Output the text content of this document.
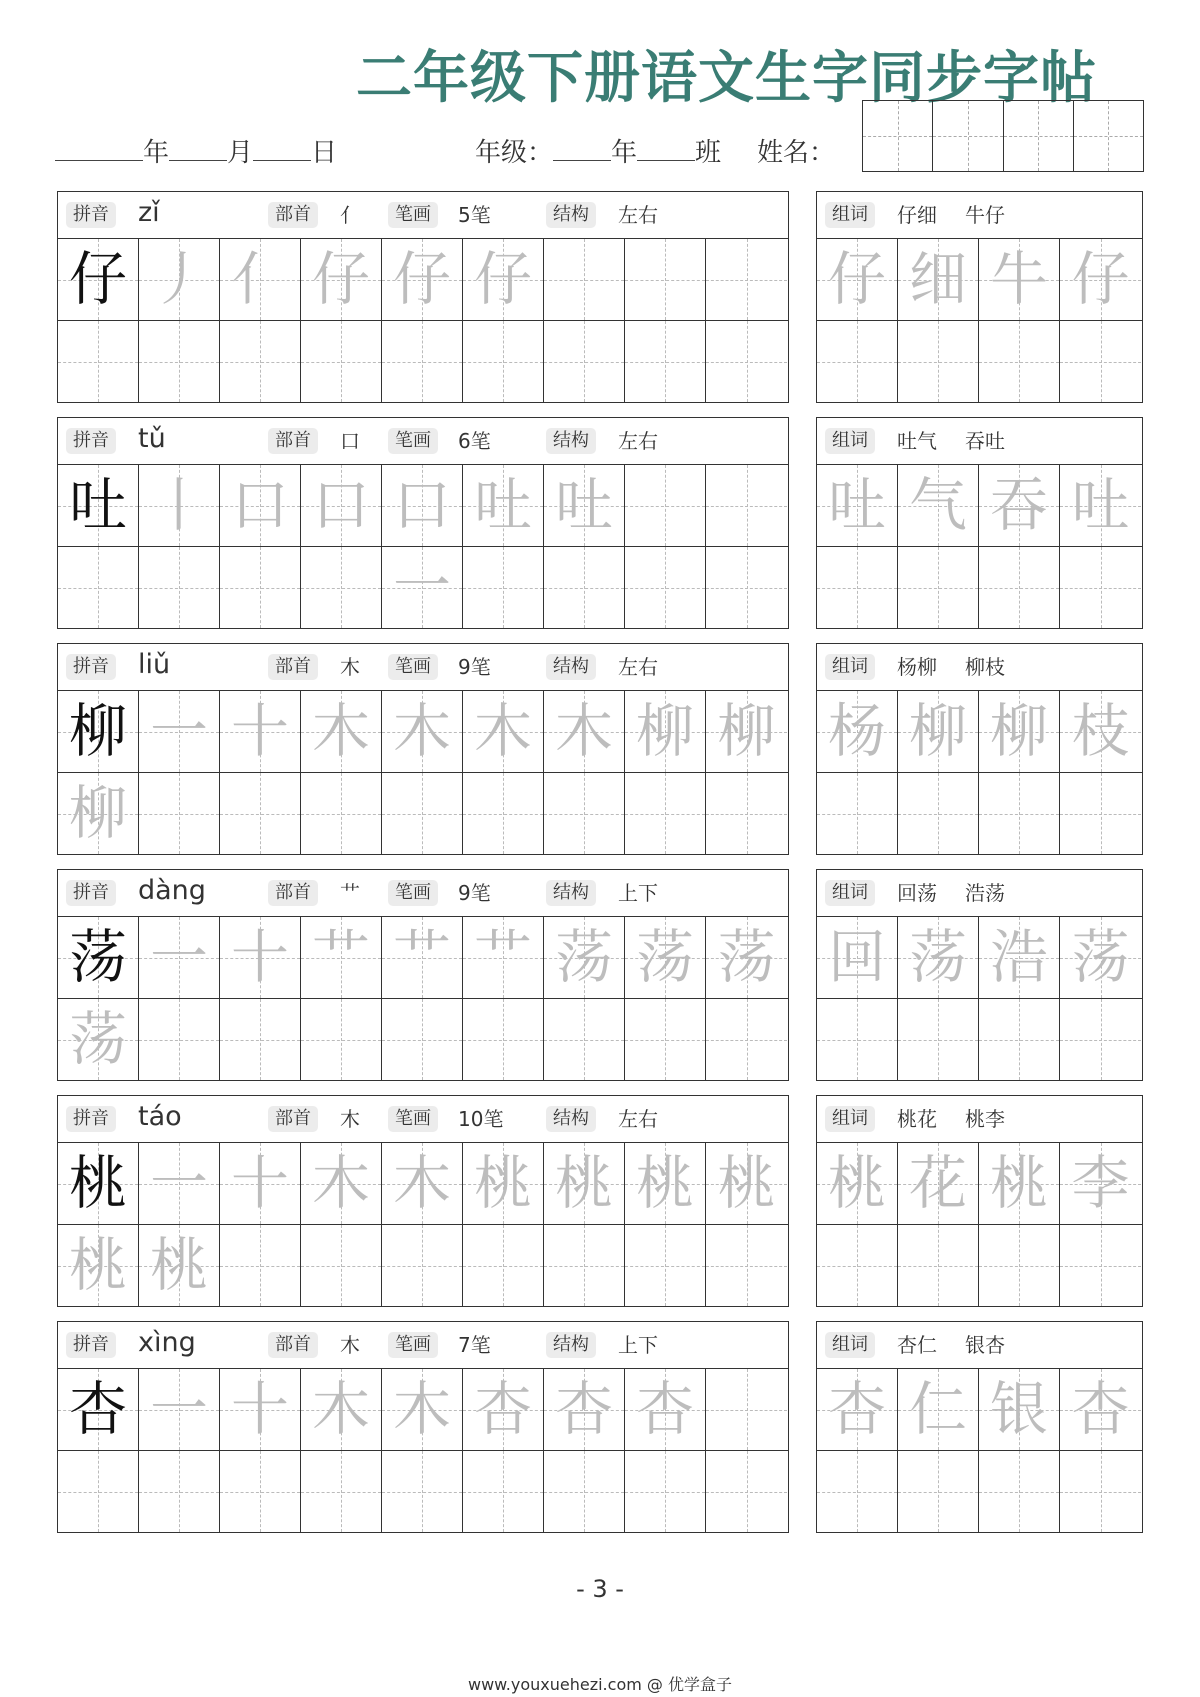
二年级下册语文生字同步字帖
年 月 日	年级： 年 班 姓名：
拼音 zǐ	部首	亻	笔画	5笔	结构	左右
仔 丿 亻 仔 仔 仔
组词	仔细 牛仔
仔 细 牛 仔
拼音 tǔ	部首	口	笔画	6笔	结构	左右
吐 丨 口 口 口一
吐 吐
组词	吐气 吞吐
吐 气 吞 吐
拼音 liǔ	部首	木	笔画	9笔	结构	左右
柳 一 十 木 木 木 木 柳 柳
柳
组词	杨柳 柳枝
杨 柳 柳 枝
拼音 dàng	部首	艹	笔画	9笔	结构	上下
荡 一 十 艹 艹 艹 荡 荡 荡
荡
组词	回荡 浩荡
回 荡 浩 荡
拼音 táo	部首	木	笔画	10笔	结构	左右
桃 一 十 木 木 桃 桃 桃 桃
桃 桃
组词	桃花 桃李
桃 花 桃 李
拼音 xìng	部首	木	笔画	7笔	结构	上下
杏 一 十 木 木 杏 杏 杏
组词	杏仁 银杏
杏 仁 银 杏
- 3 -
www.youxuehezi.com @ 优学盒子
